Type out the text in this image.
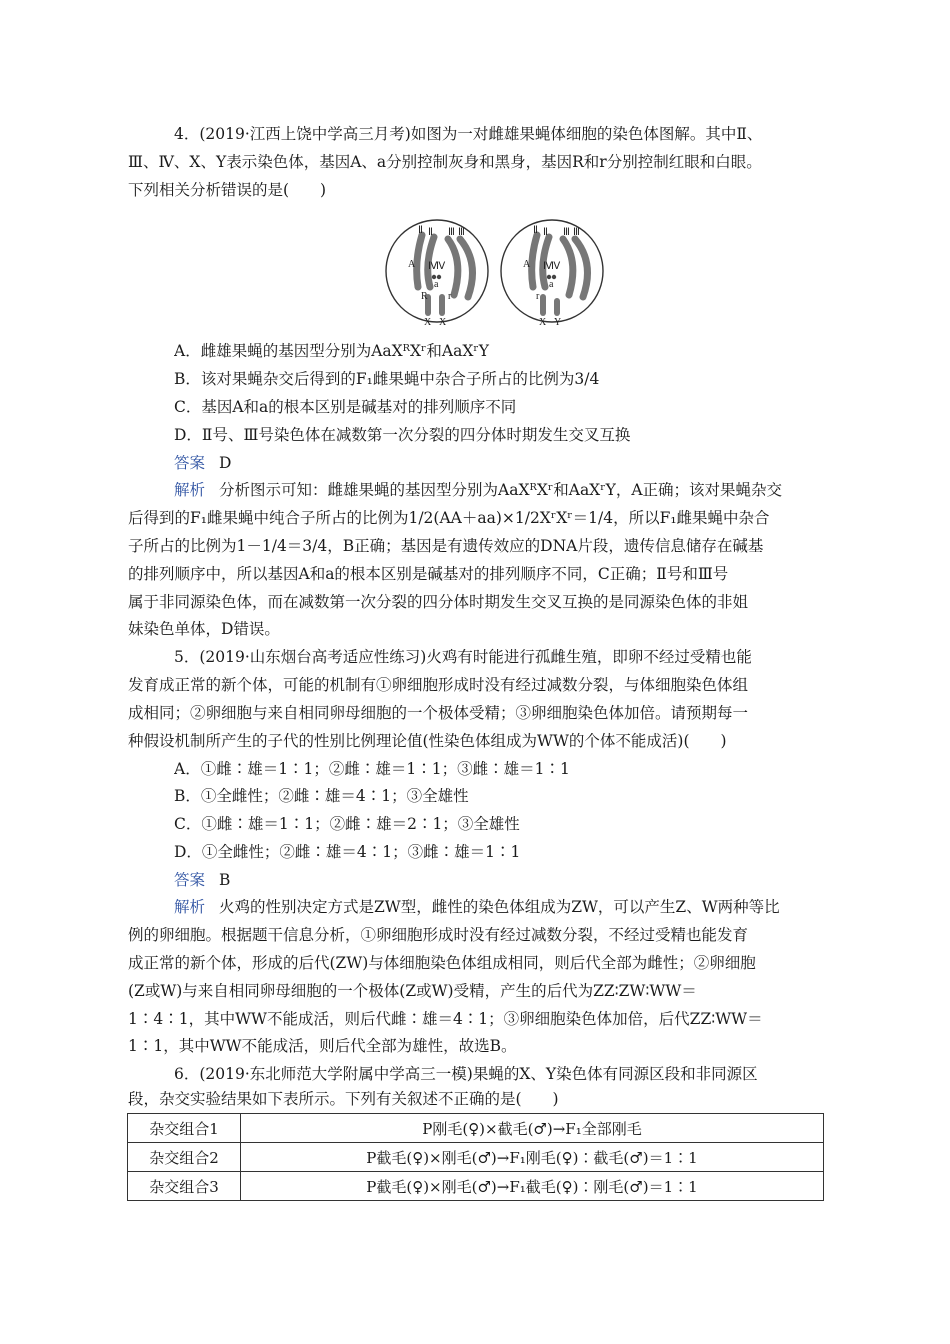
4．(2019·江西上饶中学高三月考)如图为一对雌雄果蝇体细胞的染色体图解。其中Ⅱ、
Ⅲ、Ⅳ、X、Y表示染色体，基因A、a分别控制灰身和黑身，基因R和r分别控制红眼和白眼。
下列相关分析错误的是(　　)
Ⅱ Ⅱ Ⅲ Ⅲ
A Ⅳ
Ⅳ
a
R r
X X
Ⅱ Ⅱ Ⅲ Ⅲ
A Ⅳ
Ⅳ
a
r
X Y
A．雌雄果蝇的基因型分别为AaXᴿXʳ和AaXʳY
B．该对果蝇杂交后得到的F₁雌果蝇中杂合子所占的比例为3/4
C．基因A和a的根本区别是碱基对的排列顺序不同
D．Ⅱ号、Ⅲ号染色体在减数第一次分裂的四分体时期发生交叉互换
答案 D
解析 分析图示可知：雌雄果蝇的基因型分别为AaXᴿXʳ和AaXʳY，A正确；该对果蝇杂交
后得到的F₁雌果蝇中纯合子所占的比例为1/2(AA＋aa)×1/2XʳXʳ＝1/4，所以F₁雌果蝇中杂合
子所占的比例为1－1/4＝3/4，B正确；基因是有遗传效应的DNA片段，遗传信息储存在碱基
的排列顺序中，所以基因A和a的根本区别是碱基对的排列顺序不同，C正确；Ⅱ号和Ⅲ号
属于非同源染色体，而在减数第一次分裂的四分体时期发生交叉互换的是同源染色体的非姐
妹染色单体，D错误。
5．(2019·山东烟台高考适应性练习)火鸡有时能进行孤雌生殖，即卵不经过受精也能
发育成正常的新个体，可能的机制有①卵细胞形成时没有经过减数分裂，与体细胞染色体组
成相同；②卵细胞与来自相同卵母细胞的一个极体受精；③卵细胞染色体加倍。请预期每一
种假设机制所产生的子代的性别比例理论值(性染色体组成为WW的个体不能成活)(　　)
A．①雌∶雄＝1∶1；②雌∶雄＝1∶1；③雌∶雄＝1∶1
B．①全雌性；②雌∶雄＝4∶1；③全雄性
C．①雌∶雄＝1∶1；②雌∶雄＝2∶1；③全雄性
D．①全雌性；②雌∶雄＝4∶1；③雌∶雄＝1∶1
答案 B
解析 火鸡的性别决定方式是ZW型，雌性的染色体组成为ZW，可以产生Z、W两种等比
例的卵细胞。根据题干信息分析，①卵细胞形成时没有经过减数分裂，不经过受精也能发育
成正常的新个体，形成的后代(ZW)与体细胞染色体组成相同，则后代全部为雌性；②卵细胞
(Z或W)与来自相同卵母细胞的一个极体(Z或W)受精，产生的后代为ZZ∶ZW∶WW＝
1∶4∶1，其中WW不能成活，则后代雌∶雄＝4∶1；③卵细胞染色体加倍，后代ZZ∶WW＝
1∶1，其中WW不能成活，则后代全部为雄性，故选B。
6．(2019·东北师范大学附属中学高三一模)果蝇的X、Y染色体有同源区段和非同源区
段，杂交实验结果如下表所示。下列有关叙述不正确的是(　　)
杂交组合1	P刚毛(♀)×截毛(♂)→F₁全部刚毛
杂交组合2	P截毛(♀)×刚毛(♂)→F₁刚毛(♀)∶截毛(♂)＝1∶1
杂交组合3	P截毛(♀)×刚毛(♂)→F₁截毛(♀)∶刚毛(♂)＝1∶1
